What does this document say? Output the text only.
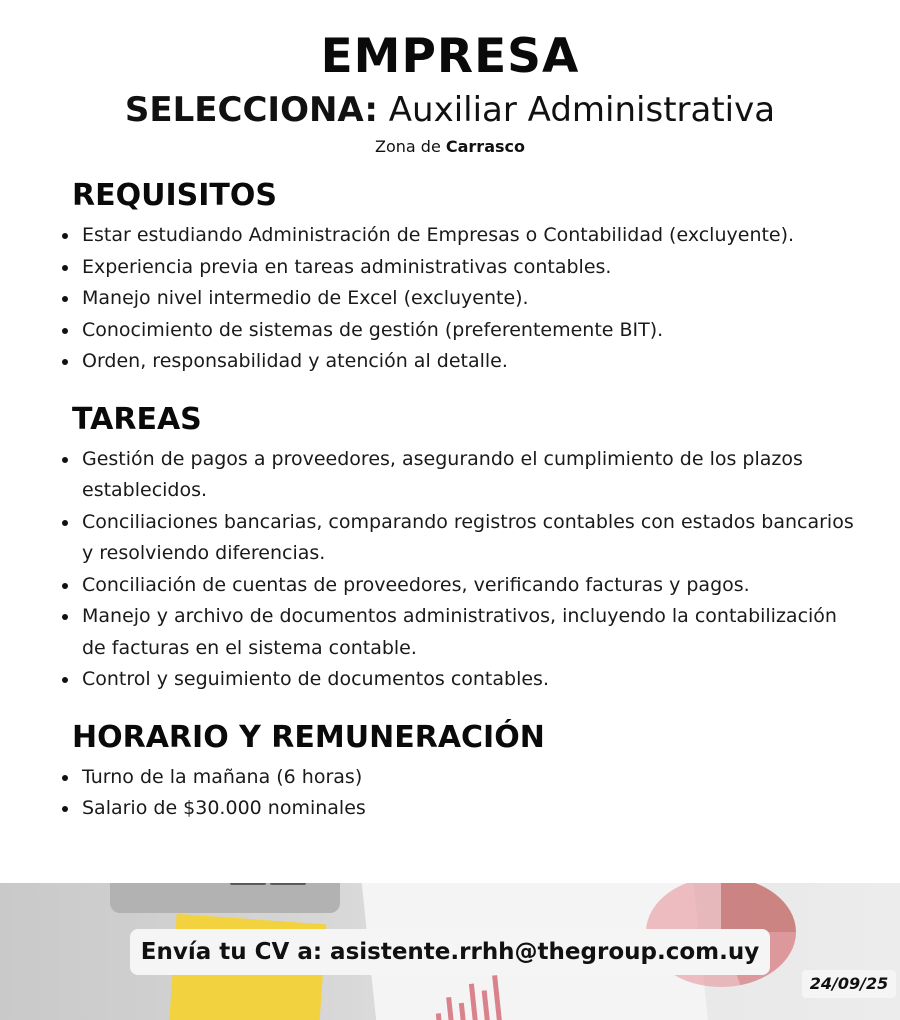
EMPRESA
SELECCIONA: Auxiliar Administrativa
Zona de Carrasco
REQUISITOS
Estar estudiando Administración de Empresas o Contabilidad (excluyente).
Experiencia previa en tareas administrativas contables.
Manejo nivel intermedio de Excel (excluyente).
Conocimiento de sistemas de gestión (preferentemente BIT).
Orden, responsabilidad y atención al detalle.
TAREAS
Gestión de pagos a proveedores, asegurando el cumplimiento de los plazos establecidos.
Conciliaciones bancarias, comparando registros contables con estados bancarios y resolviendo diferencias.
Conciliación de cuentas de proveedores, verificando facturas y pagos.
Manejo y archivo de documentos administrativos, incluyendo la contabilización de facturas en el sistema contable.
Control y seguimiento de documentos contables.
HORARIO Y REMUNERACIÓN
Turno de la mañana (6 horas)
Salario de $30.000 nominales
Envía tu CV a: asistente.rrhh@thegroup.com.uy
24/09/25
